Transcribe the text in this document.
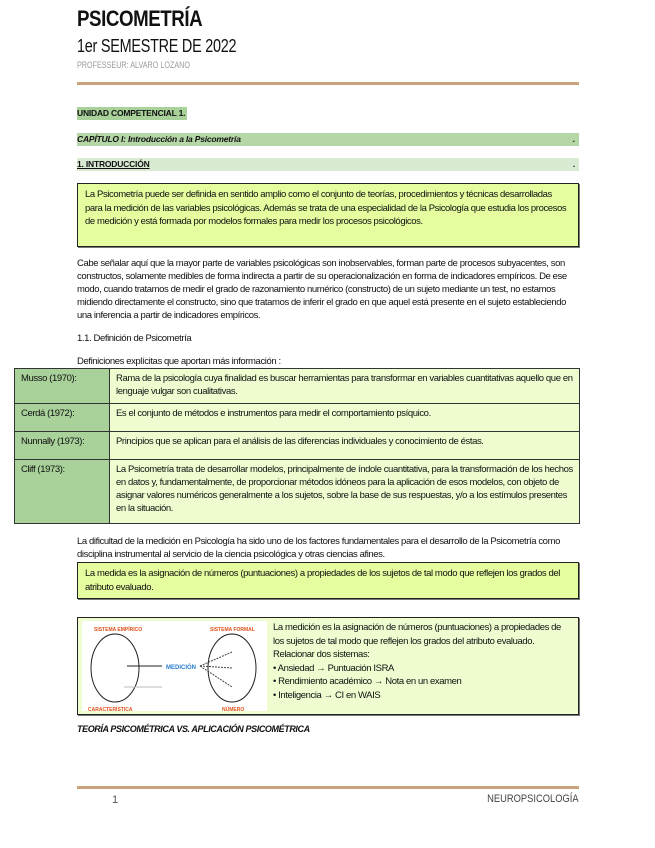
PSICOMETRÍA
1er SEMESTRE DE 2022
PROFESSEUR: ALVARO LOZANO
UNIDAD COMPETENCIAL 1.
CAPÍTULO I: Introducción a la Psicometría	.
1. INTRODUCCIÓN	.
La Psicometría puede ser definida en sentido amplio como el conjunto de teorías, procedimientos y técnicas desarrolladas para la medición de las variables psicológicas. Además se trata de una especialidad de la Psicología que estudia los procesos de medición y está formada por modelos formales para medir los procesos psicológicos.
Cabe señalar aquí que la mayor parte de variables psicológicas son inobservables, forman parte de procesos subyacentes, son constructos, solamente medibles de forma indirecta a partir de su operacionalización en forma de indicadores empíricos. De ese modo, cuando tratamos de medir el grado de razonamiento numérico (constructo) de un sujeto mediante un test, no estamos midiendo directamente el constructo, sino que tratamos de inferir el grado en que aquel está presente en el sujeto estableciendo una inferencia a partir de indicadores empíricos.
1.1. Definición de Psicometría
Definiciones explícitas que aportan más información :
Musso (1970):	Rama de la psicología cuya finalidad es buscar herramientas para transformar en variables cuantitativas aquello que en lenguaje vulgar son cualitativas.
Cerdá (1972):	Es el conjunto de métodos e instrumentos para medir el comportamiento psíquico.
Nunnally (1973):	Principios que se aplican para el análisis de las diferencias individuales y conocimiento de éstas.
Cliff (1973):	La Psicometría trata de desarrollar modelos, principalmente de índole cuantitativa, para la transformación de los hechos en datos y, fundamentalmente, de proporcionar métodos idóneos para la aplicación de esos modelos, con objeto de asignar valores numéricos generalmente a los sujetos, sobre la base de sus respuestas, y/o a los estímulos presentes en la situación.
La dificultad de la medición en Psicología ha sido uno de los factores fundamentales para el desarrollo de la Psicometría como disciplina instrumental al servicio de la ciencia psicológica y otras ciencias afines.
La medida es la asignación de números (puntuaciones) a propiedades de los sujetos de tal modo que reflejen los grados del atributo evaluado.
SISTEMA EMPÍRICO	SISTEMA FORMAL
CARACTERÍSTICA	NÚMERO
MEDICIÓN
La medición es la asignación de números (puntuaciones) a propiedades de los sujetos de tal modo que reflejen los grados del atributo evaluado. Relacionar dos sistemas:
• Ansiedad → Puntuación ISRA
• Rendimiento académico → Nota en un examen
• Inteligencia → CI en WAIS
TEORÍA PSICOMÉTRICA VS. APLICACIÓN PSICOMÉTRICA
1	NEUROPSICOLOGÍA
